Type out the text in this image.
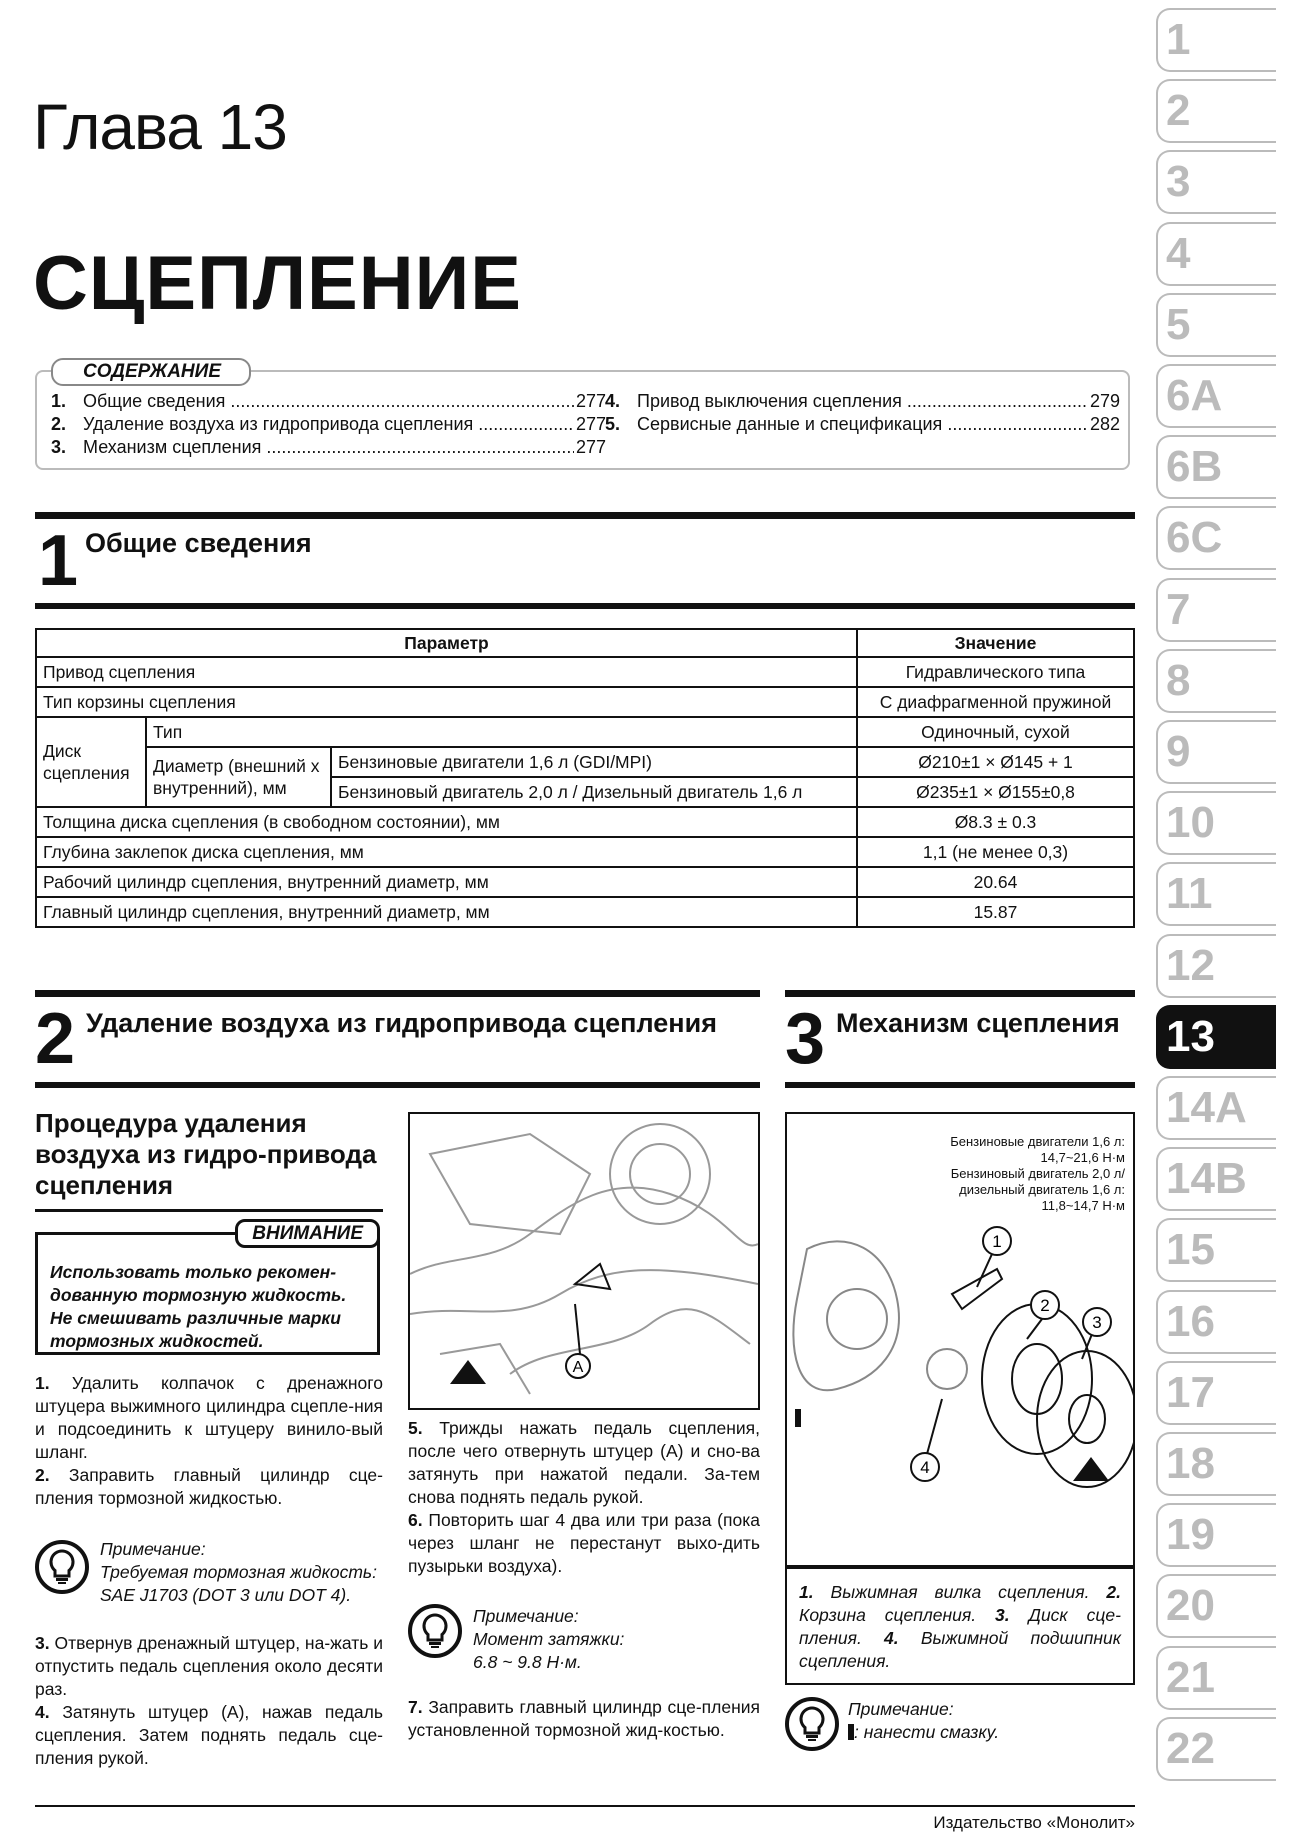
Глава 13
СЦЕПЛЕНИЕ
СОДЕРЖАНИЕ
1. Общие сведения .....	277
2. Удаление воздуха из гидропривода сцепления .....	277
3. Механизм сцепления .....	277
4. Привод выключения сцепления .....	279
5. Сервисные данные и спецификация .....	282
1 Общие сведения
Параметр			Значение
Привод сцепления			Гидравлического типа
Тип корзины сцепления			С диафрагменной пружиной
Диск сцепления	Тип		Одиночный, сухой
	Диаметр (внешний х внутренний), мм	Бензиновые двигатели 1,6 л (GDI/MPI)	Ø210±1 × Ø145 + 1
		Бензиновый двигатель 2,0 л / Дизельный двигатель 1,6 л	Ø235±1 × Ø155±0,8
Толщина диска сцепления (в свободном состоянии), мм			Ø8.3 ± 0.3
Глубина заклепок диска сцепления, мм			1,1 (не менее 0,3)
Рабочий цилиндр сцепления, внутренний диаметр, мм			20.64
Главный цилиндр сцепления, внутренний диаметр, мм			15.87
2 Удаление воздуха из гидропривода сцепления 3 Механизм сцепления
Процедура удаления воздуха из гидро-привода сцепления
ВНИМАНИЕ
Использовать только рекомен-дованную тормозную жидкость. Не смешивать различные марки тормозных жидкостей.

1. Удалить колпачок с дренажного штуцера выжимного цилиндра сцепле-ния и подсоединить к штуцеру винило-вый шланг.

2. Заправить главный цилиндр сце-пления тормозной жидкостью.

Примечание:
Требуемая тормозная жидкость: SAE J1703 (DOT 3 или DOT 4).

3. Отвернув дренажный штуцер, на-жать и отпустить педаль сцепления около десяти раз.

4. Затянуть штуцер (А), нажав педаль сцепления. Затем поднять педаль сце-пления рукой.

A

5. Трижды нажать педаль сцепления, после чего отвернуть штуцер (А) и сно-ва затянуть при нажатой педали. За-тем снова поднять педаль рукой.

6. Повторить шаг 4 два или три раза (пока через шланг не перестанут выхо-дить пузырьки воздуха).

Примечание:
Момент затяжки:
6.8 ~ 9.8 Н·м.

7. Заправить главный цилиндр сце-пления установленной тормозной жид-костью.

Бензиновые двигатели 1,6 л:
14,7~21,6 Н·м
Бензиновый двигатель 2,0 л/
дизельный двигатель 1,6 л:
11,8~14,7 Н·м
1
2
3
4
1. Выжимная вилка сцепления. 2. Корзина сцепления. 3. Диск сце-пления. 4. Выжимной подшипник сцепления.
Примечание:
: нанести смазку.
Издательство «Монолит»
1
2
3
4
5
6A
6B
6C
7
8
9
10
11
12
13
14A
14B
15
16
17
18
19
20
21
22
